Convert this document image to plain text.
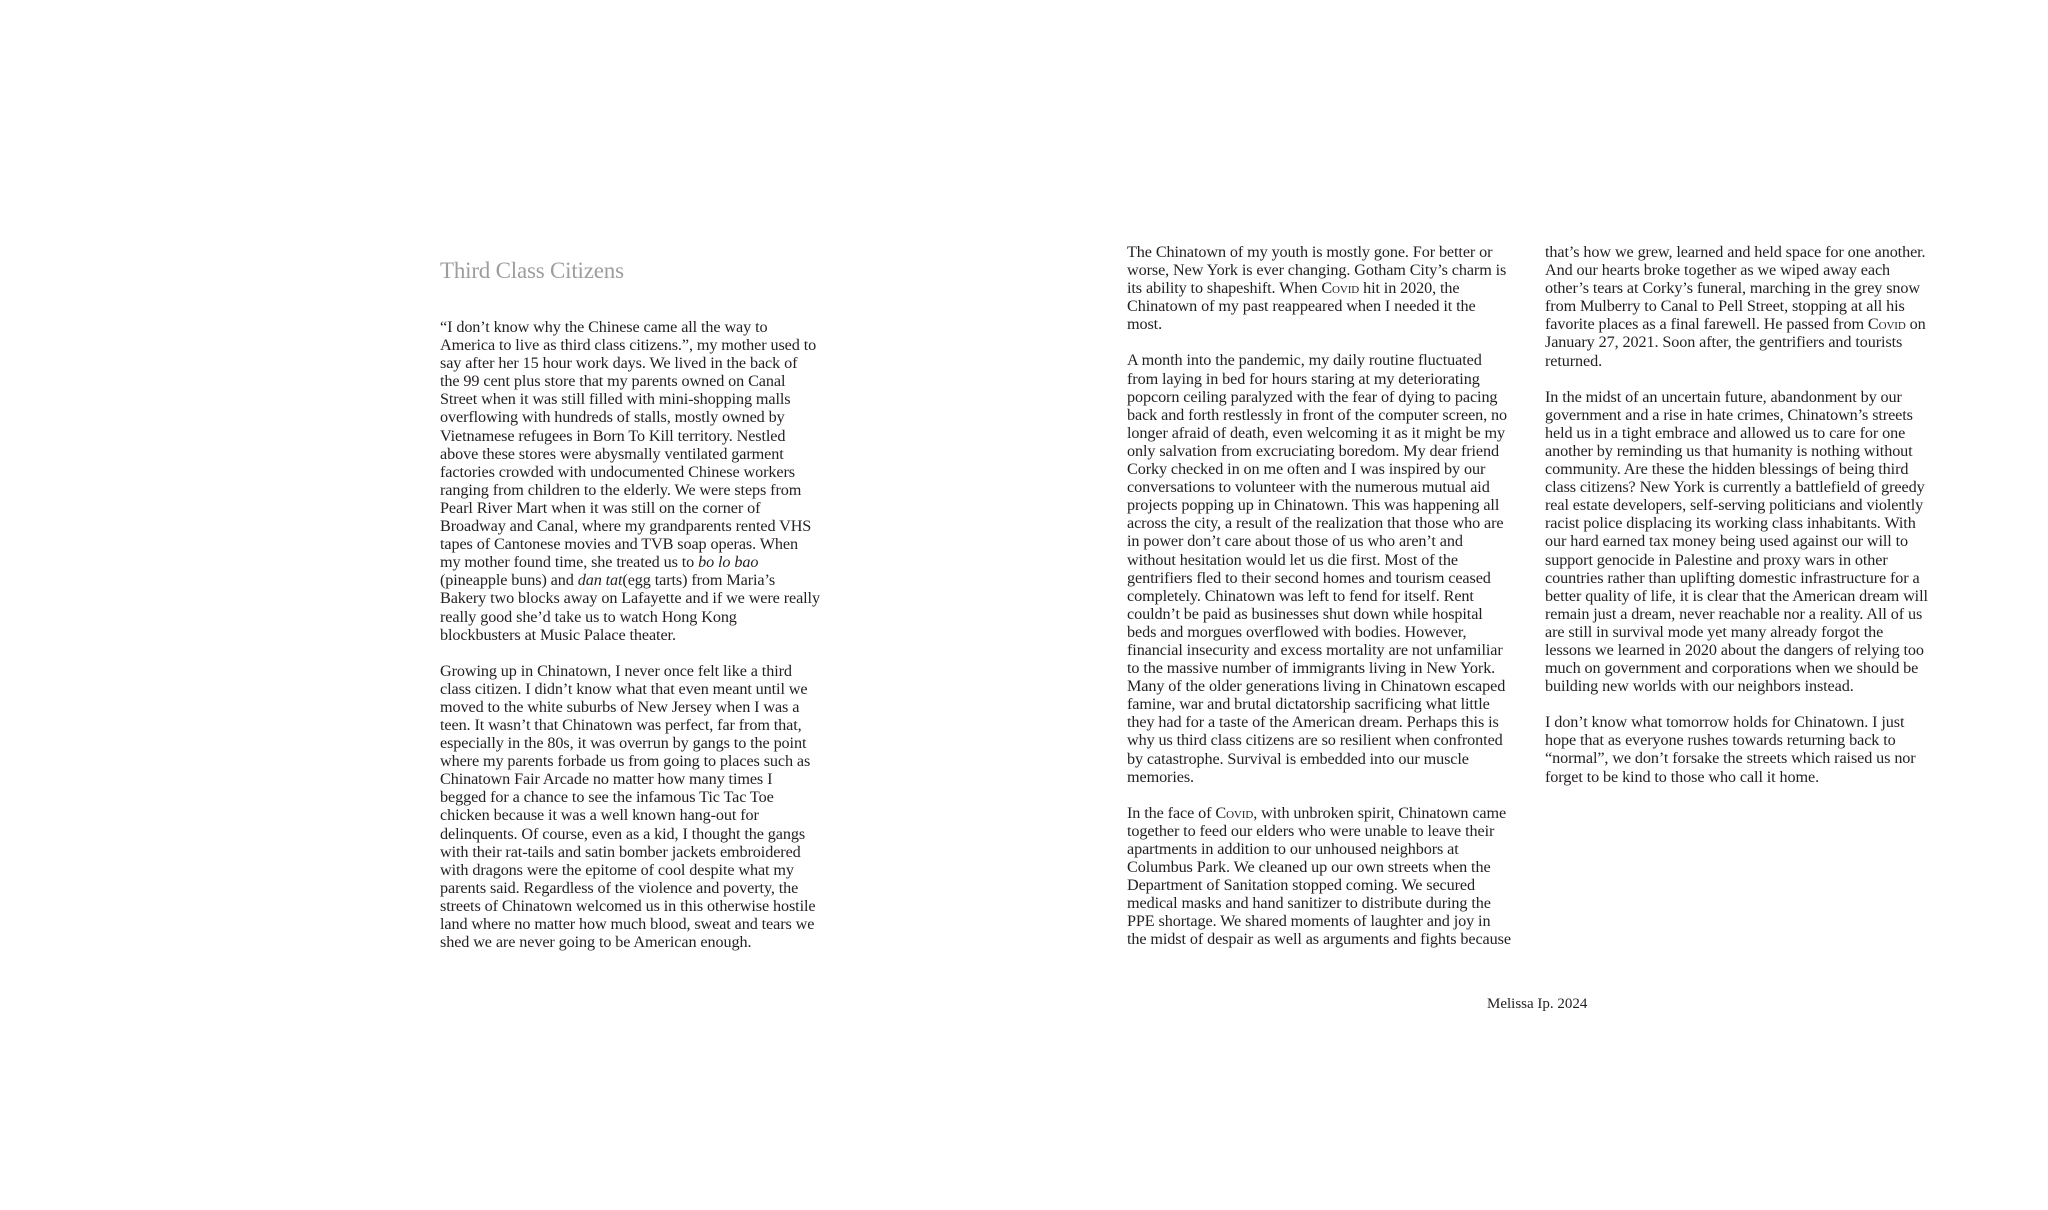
Third Class Citizens

“I don’t know why the Chinese came all the way to America to live as third class citizens.”, my mother used to say after her 15 hour work days. We lived in the back of the 99 cent plus store that my parents owned on Canal Street when it was still filled with mini-shopping malls overflowing with hundreds of stalls, mostly owned by Vietnamese refugees in Born To Kill territory. Nestled above these stores were abysmally ventilated garment factories crowded with undocumented Chinese workers ranging from children to the elderly. We were steps from Pearl River Mart when it was still on the corner of Broadway and Canal, where my grandparents rented VHS tapes of Cantonese movies and TVB soap operas. When my mother found time, she treated us to bo lo bao (pineapple buns) and dan tat(egg tarts) from Maria’s Bakery two blocks away on Lafayette and if we were really really good she’d take us to watch Hong Kong blockbusters at Music Palace theater.

Growing up in Chinatown, I never once felt like a third class citizen. I didn’t know what that even meant until we moved to the white suburbs of New Jersey when I was a teen. It wasn’t that Chinatown was perfect, far from that, especially in the 80s, it was overrun by gangs to the point where my parents forbade us from going to places such as Chinatown Fair Arcade no matter how many times I begged for a chance to see the infamous Tic Tac Toe chicken because it was a well known hang-out for delinquents. Of course, even as a kid, I thought the gangs with their rat-tails and satin bomber jackets embroidered with dragons were the epitome of cool despite what my parents said. Regardless of the violence and poverty, the streets of Chinatown welcomed us in this otherwise hostile land where no matter how much blood, sweat and tears we shed we are never going to be American enough.

The Chinatown of my youth is mostly gone. For better or worse, New York is ever changing. Gotham City’s charm is its ability to shapeshift. When Covid hit in 2020, the Chinatown of my past reappeared when I needed it the most.

A month into the pandemic, my daily routine fluctuated from laying in bed for hours staring at my deteriorating popcorn ceiling paralyzed with the fear of dying to pacing back and forth restlessly in front of the computer screen, no longer afraid of death, even welcoming it as it might be my only salvation from excruciating boredom. My dear friend Corky checked in on me often and I was inspired by our conversations to volunteer with the numerous mutual aid projects popping up in Chinatown. This was happening all across the city, a result of the realization that those who are in power don’t care about those of us who aren’t and without hesitation would let us die first. Most of the gentrifiers fled to their second homes and tourism ceased completely. Chinatown was left to fend for itself. Rent couldn’t be paid as businesses shut down while hospital beds and morgues overflowed with bodies. However, financial insecurity and excess mortality are not unfamiliar to the massive number of immigrants living in New York. Many of the older generations living in Chinatown escaped famine, war and brutal dictatorship sacrificing what little they had for a taste of the American dream. Perhaps this is why us third class citizens are so resilient when confronted by catastrophe. Survival is embedded into our muscle memories.

In the face of Covid, with unbroken spirit, Chinatown came together to feed our elders who were unable to leave their apartments in addition to our unhoused neighbors at Columbus Park. We cleaned up our own streets when the Department of Sanitation stopped coming. We secured medical masks and hand sanitizer to distribute during the PPE shortage. We shared moments of laughter and joy in the midst of despair as well as arguments and fights because

that’s how we grew, learned and held space for one another. And our hearts broke together as we wiped away each other’s tears at Corky’s funeral, marching in the grey snow from Mulberry to Canal to Pell Street, stopping at all his favorite places as a final farewell. He passed from Covid on January 27, 2021. Soon after, the gentrifiers and tourists returned.

In the midst of an uncertain future, abandonment by our government and a rise in hate crimes, Chinatown’s streets held us in a tight embrace and allowed us to care for one another by reminding us that humanity is nothing without community. Are these the hidden blessings of being third class citizens? New York is currently a battlefield of greedy real estate developers, self-serving politicians and violently racist police displacing its working class inhabitants. With our hard earned tax money being used against our will to support genocide in Palestine and proxy wars in other countries rather than uplifting domestic infrastructure for a better quality of life, it is clear that the American dream will remain just a dream, never reachable nor a reality. All of us are still in survival mode yet many already forgot the lessons we learned in 2020 about the dangers of relying too much on government and corporations when we should be building new worlds with our neighbors instead.

I don’t know what tomorrow holds for Chinatown. I just hope that as everyone rushes towards returning back to “normal”, we don’t forsake the streets which raised us nor forget to be kind to those who call it home.

Melissa Ip. 2024
